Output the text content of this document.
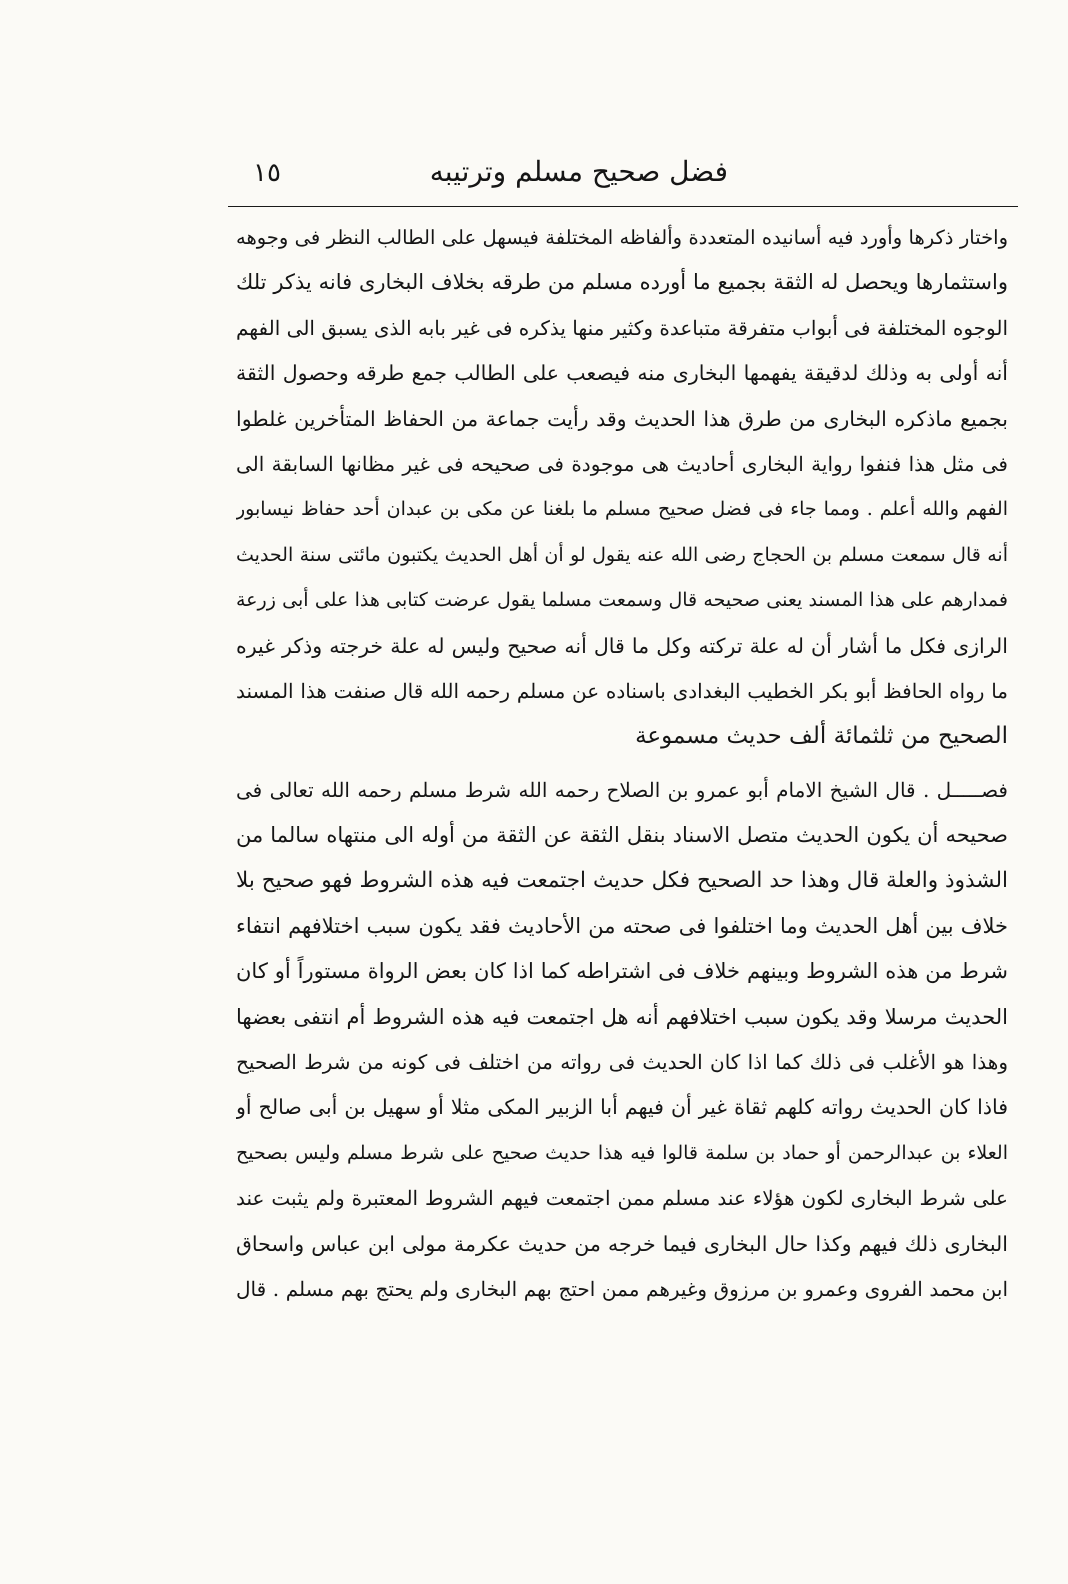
فضل صحيح مسلم وترتيبه
١٥
واختار ذكرها وأورد فيه أسانيده المتعددة وألفاظه المختلفة فيسهل على الطالب النظر فى وجوهه
واستثمارها ويحصل له الثقة بجميع ما أورده مسلم من طرقه بخلاف البخارى فانه يذكر تلك
الوجوه المختلفة فى أبواب متفرقة متباعدة وكثير منها يذكره فى غير بابه الذى يسبق الى الفهم
أنه أولى به وذلك لدقيقة يفهمها البخارى منه فيصعب على الطالب جمع طرقه وحصول الثقة
بجميع ماذكره البخارى من طرق هذا الحديث وقد رأيت جماعة من الحفاظ المتأخرين غلطوا
فى مثل هذا فنفوا رواية البخارى أحاديث هى موجودة فى صحيحه فى غير مظانها السابقة الى
الفهم والله أعلم . ومما جاء فى فضل صحيح مسلم ما بلغنا عن مكى بن عبدان أحد حفاظ نيسابور
أنه قال سمعت مسلم بن الحجاج رضى الله عنه يقول لو أن أهل الحديث يكتبون مائتى سنة الحديث
فمدارهم على هذا المسند يعنى صحيحه قال وسمعت مسلما يقول عرضت كتابى هذا على أبى زرعة
الرازى فكل ما أشار أن له علة تركته وكل ما قال أنه صحيح وليس له علة خرجته وذكر غيره
ما رواه الحافظ أبو بكر الخطيب البغدادى باسناده عن مسلم رحمه الله قال صنفت هذا المسند
الصحيح من ثلثمائة ألف حديث مسموعة
فصـــــل . قال الشيخ الامام أبو عمرو بن الصلاح رحمه الله شرط مسلم رحمه الله تعالى فى
صحيحه أن يكون الحديث متصل الاسناد بنقل الثقة عن الثقة من أوله الى منتهاه سالما من
الشذوذ والعلة قال وهذا حد الصحيح فكل حديث اجتمعت فيه هذه الشروط فهو صحيح بلا
خلاف بين أهل الحديث وما اختلفوا فى صحته من الأحاديث فقد يكون سبب اختلافهم انتفاء
شرط من هذه الشروط وبينهم خلاف فى اشتراطه كما اذا كان بعض الرواة مستوراً أو كان
الحديث مرسلا وقد يكون سبب اختلافهم أنه هل اجتمعت فيه هذه الشروط أم انتفى بعضها
وهذا هو الأغلب فى ذلك كما اذا كان الحديث فى رواته من اختلف فى كونه من شرط الصحيح
فاذا كان الحديث رواته كلهم ثقاة غير أن فيهم أبا الزبير المكى مثلا أو سهيل بن أبى صالح أو
العلاء بن عبدالرحمن أو حماد بن سلمة قالوا فيه هذا حديث صحيح على شرط مسلم وليس بصحيح
على شرط البخارى لكون هؤلاء عند مسلم ممن اجتمعت فيهم الشروط المعتبرة ولم يثبت عند
البخارى ذلك فيهم وكذا حال البخارى فيما خرجه من حديث عكرمة مولى ابن عباس واسحاق
ابن محمد الفروى وعمرو بن مرزوق وغيرهم ممن احتج بهم البخارى ولم يحتج بهم مسلم . قال
